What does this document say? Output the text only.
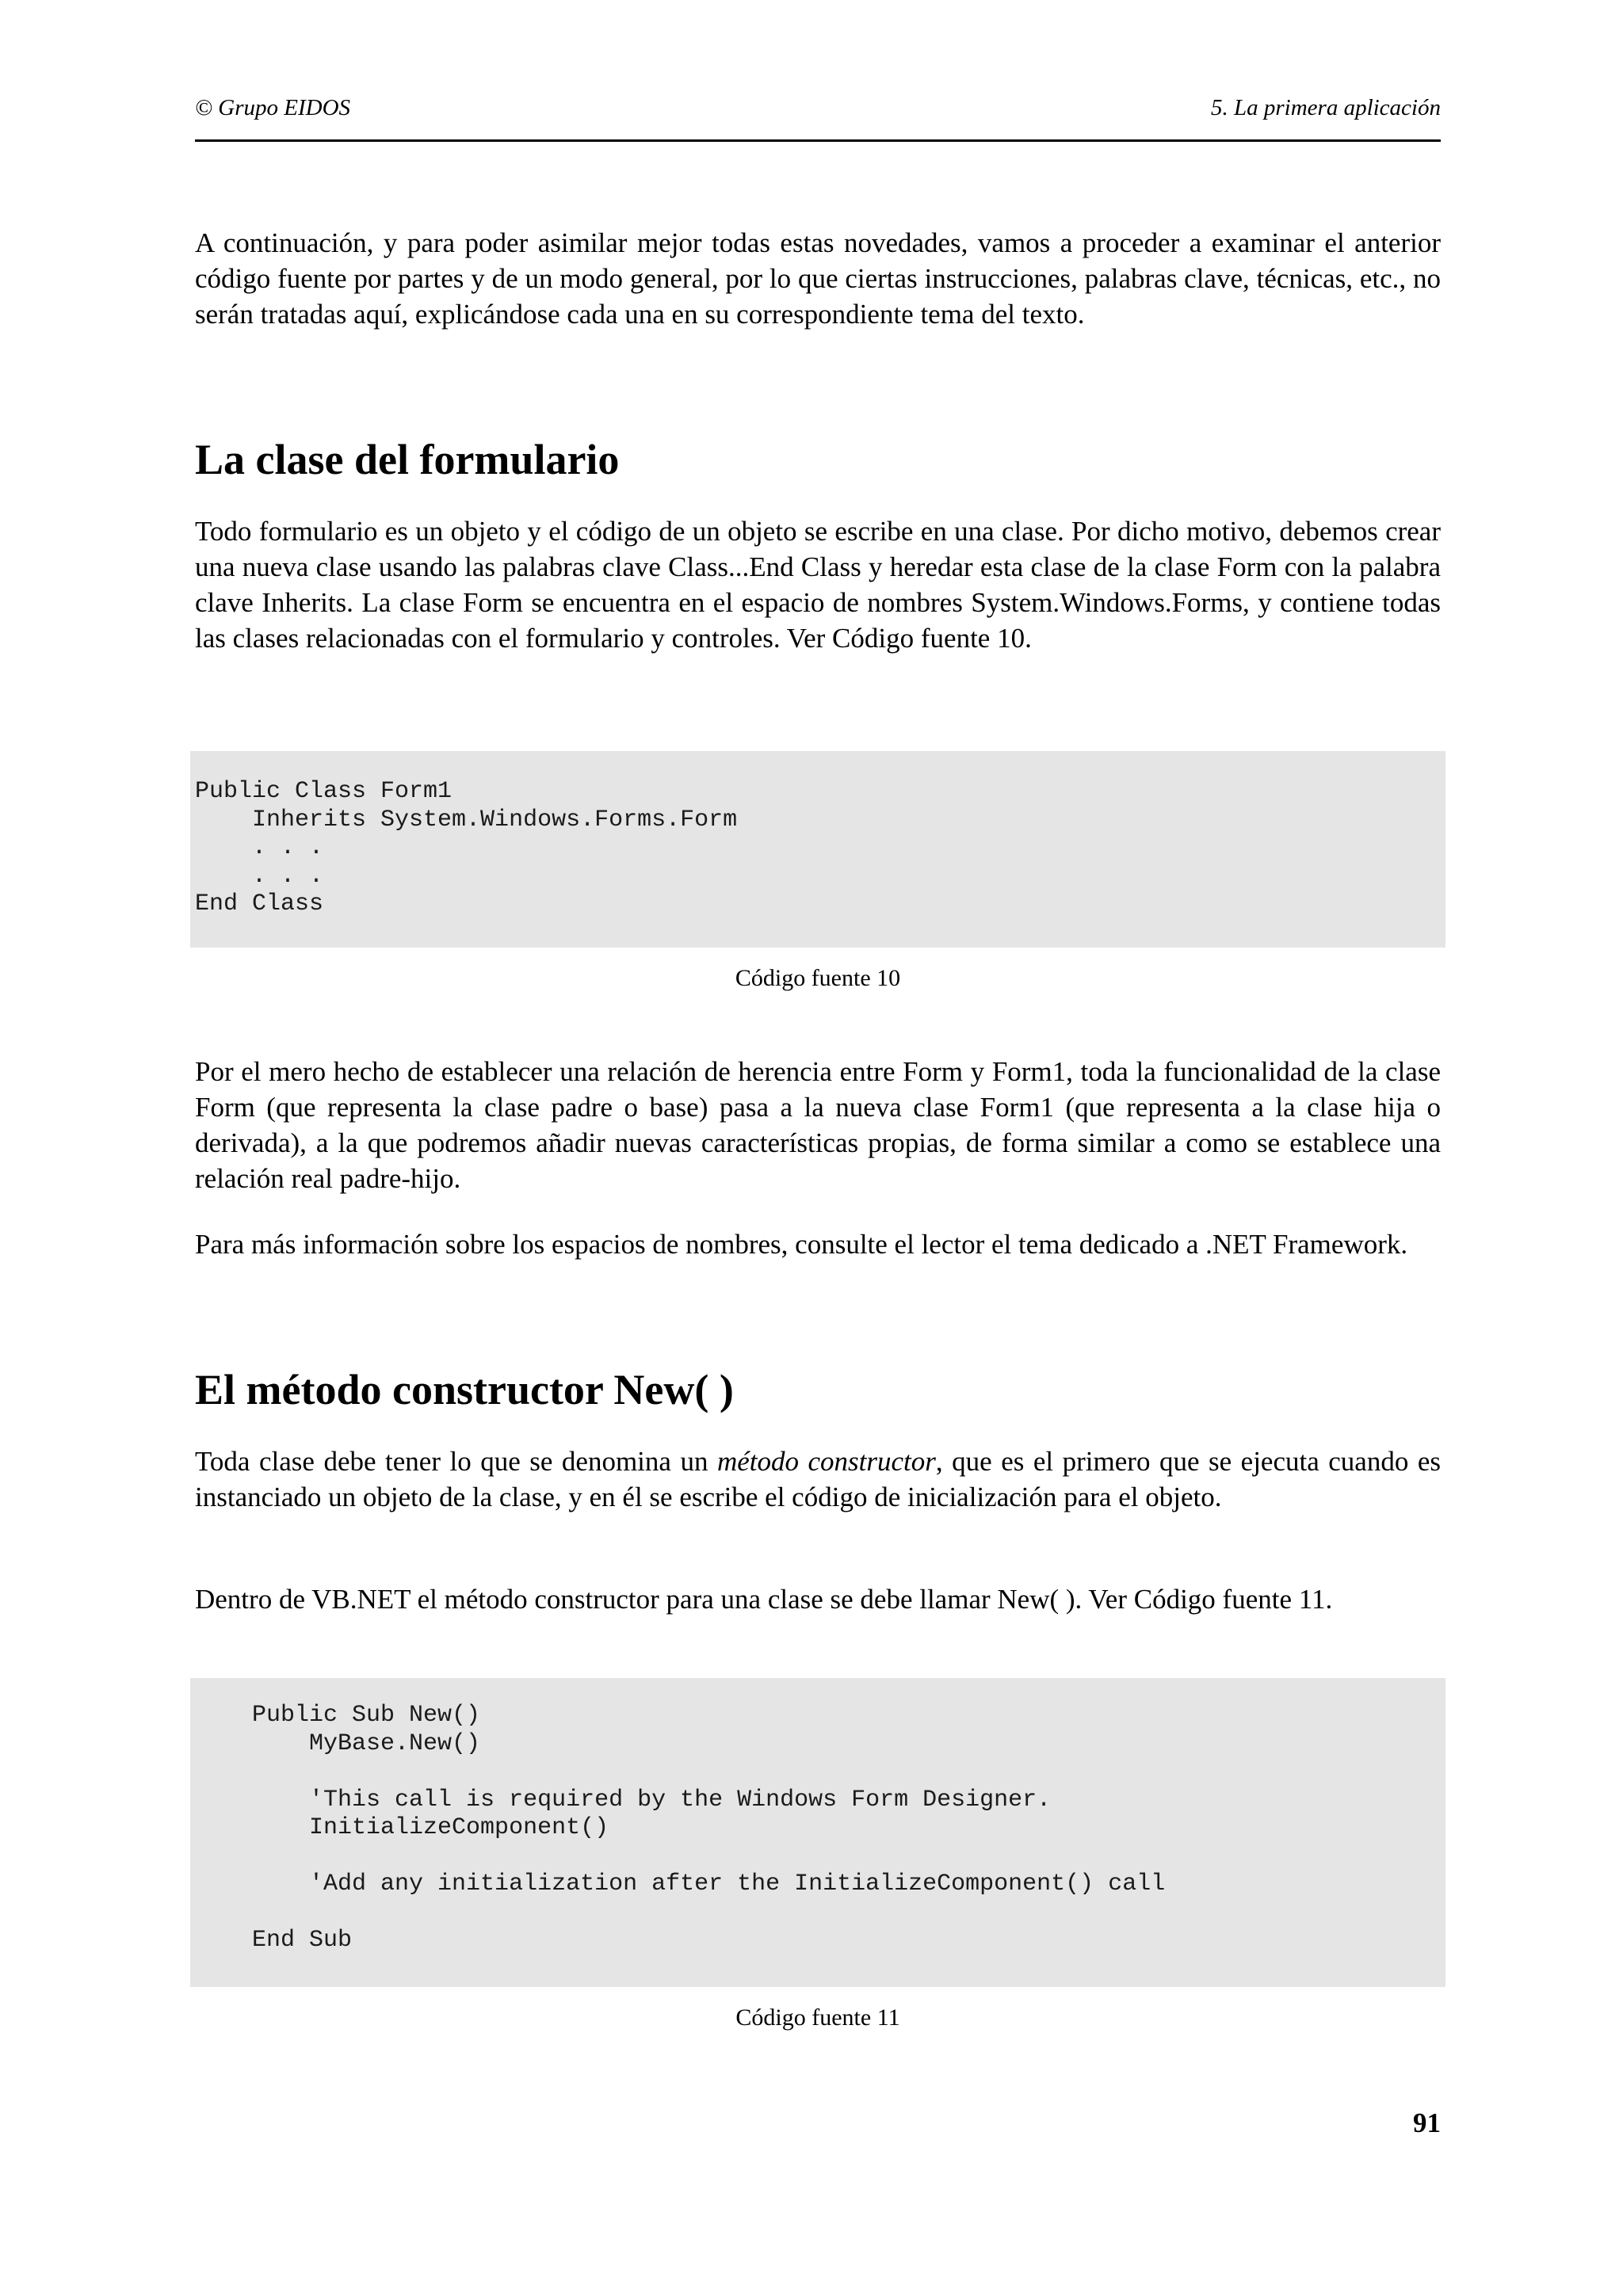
© Grupo EIDOS	5. La primera aplicación

A continuación, y para poder asimilar mejor todas estas novedades, vamos a proceder a examinar el anterior código fuente por partes y de un modo general, por lo que ciertas instrucciones, palabras clave, técnicas, etc., no serán tratadas aquí, explicándose cada una en su correspondiente tema del texto.

La clase del formulario

Todo formulario es un objeto y el código de un objeto se escribe en una clase. Por dicho motivo, debemos crear una nueva clase usando las palabras clave Class...End Class y heredar esta clase de la clase Form con la palabra clave Inherits. La clase Form se encuentra en el espacio de nombres System.Windows.Forms, y contiene todas las clases relacionadas con el formulario y controles. Ver Código fuente 10.

Public Class Form1
Inherits System.Windows.Forms.Form
. . .
. . .
End Class
Código fuente 10

Por el mero hecho de establecer una relación de herencia entre Form y Form1, toda la funcionalidad de la clase Form (que representa la clase padre o base) pasa a la nueva clase Form1 (que representa a la clase hija o derivada), a la que podremos añadir nuevas características propias, de forma similar a como se establece una relación real padre-hijo.

Para más información sobre los espacios de nombres, consulte el lector el tema dedicado a .NET Framework.

El método constructor New( )

Toda clase debe tener lo que se denomina un método constructor, que es el primero que se ejecuta cuando es instanciado un objeto de la clase, y en él se escribe el código de inicialización para el objeto.

Dentro de VB.NET el método constructor para una clase se debe llamar New( ). Ver Código fuente 11.

Public Sub New()
MyBase.New()

'This call is required by the Windows Form Designer.
InitializeComponent()

'Add any initialization after the InitializeComponent() call

End Sub
Código fuente 11
91
